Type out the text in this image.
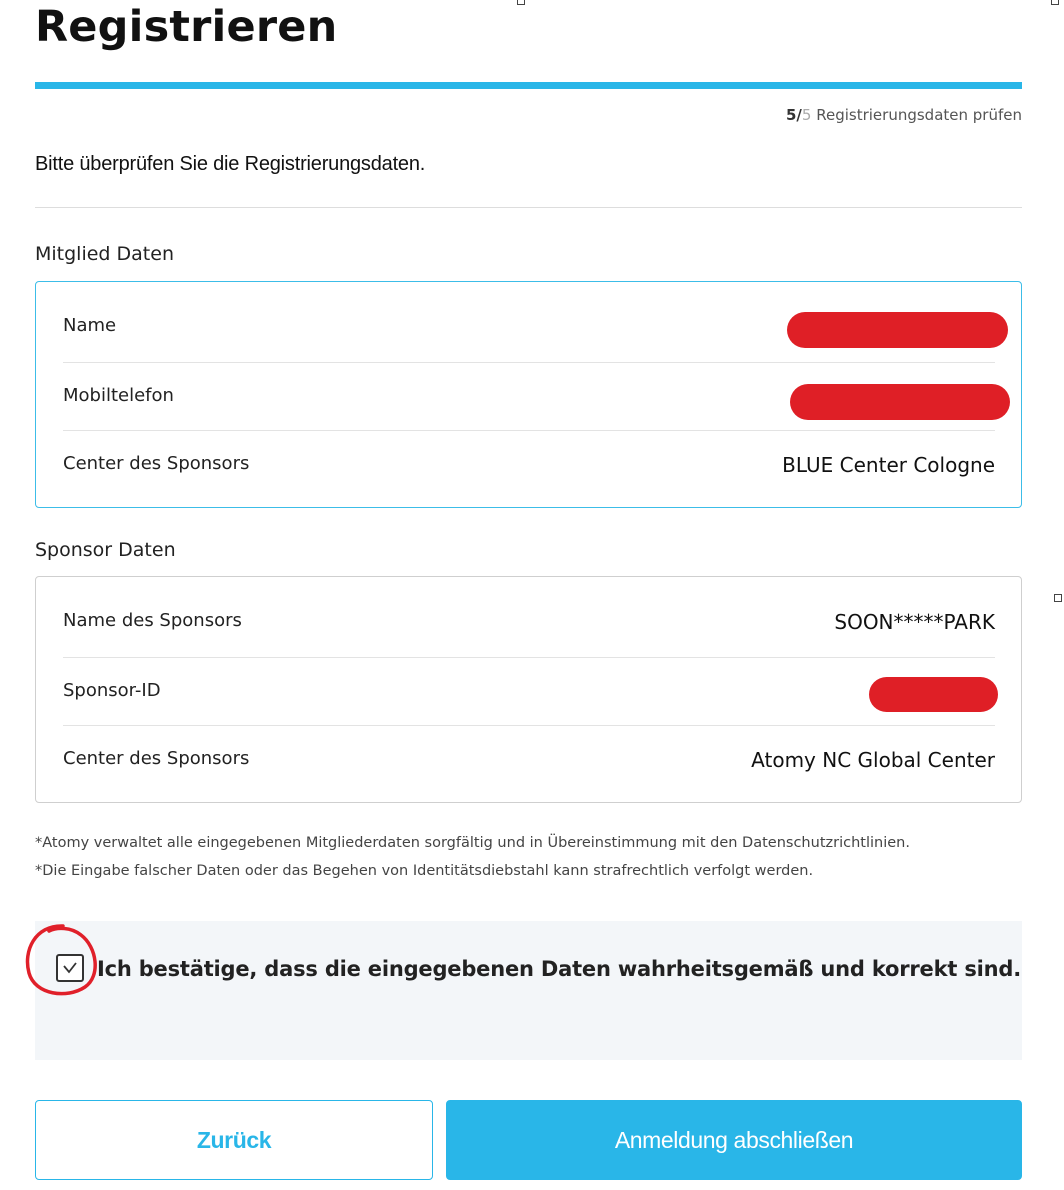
Registrieren
5/5 Registrierungsdaten prüfen
Bitte überprüfen Sie die Registrierungsdaten.
Mitglied Daten
Name
Mobiltelefon
Center des Sponsors	BLUE Center Cologne
Sponsor Daten
Name des Sponsors	SOON*****PARK
Sponsor-ID
Center des Sponsors	Atomy NC Global Center
*Atomy verwaltet alle eingegebenen Mitgliederdaten sorgfältig und in Übereinstimmung mit den Datenschutzrichtlinien.
*Die Eingabe falscher Daten oder das Begehen von Identitätsdiebstahl kann strafrechtlich verfolgt werden.
Ich bestätige, dass die eingegebenen Daten wahrheitsgemäß und korrekt sind.
Zurück	Anmeldung abschließen
